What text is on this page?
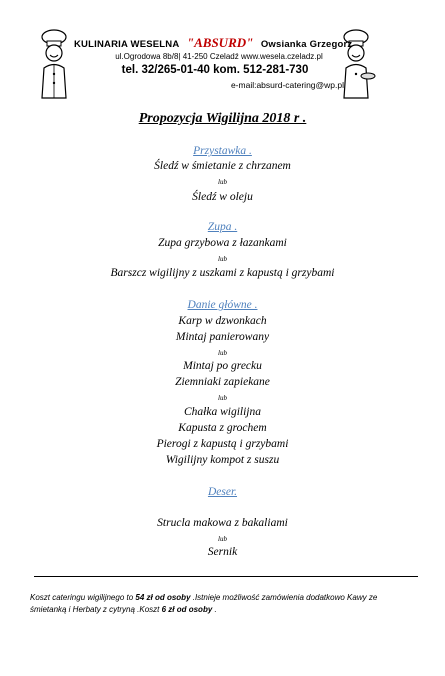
KULINARIA WESELNA "ABSURD" Owsianka Grzegorz
ul.Ogrodowa 8b/8| 41-250 Czeladź www.wesela.czeladz.pl
tel. 32/265-01-40 kom. 512-281-730
e-mail:absurd-catering@wp.pl
Propozycja Wigilijna 2018 r .
Przystawka .
Śledź w śmietanie z chrzanem
lub
Śledź w oleju
Zupa .
Zupa grzybowa z łazankami
lub
Barszcz wigilijny z uszkami z kapustą i grzybami
Danie główne .
Karp w dzwonkach
Mintaj panierowany
lub
Mintaj po grecku
Ziemniaki zapiekane
lub
Chałka wigilijna
Kapusta z grochem
Pierogi z kapustą i grzybami
Wigilijny kompot z suszu
Deser.
Strucla makowa z bakaliami
lub
Sernik
Koszt cateringu wigilijnego to 54 zł od osoby .Istnieje możliwość zamówienia dodatkowo Kawy ze śmietanką i Herbaty z cytryną .Koszt 6 zł od osoby .
